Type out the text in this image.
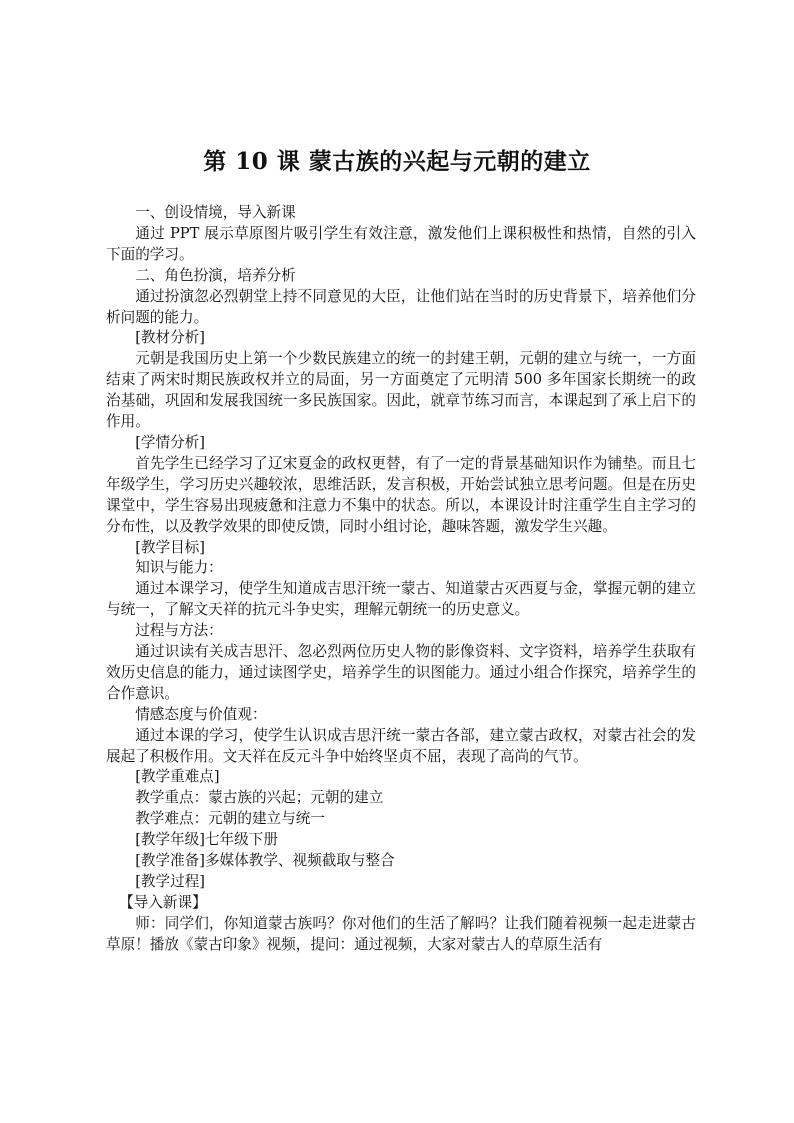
第 10 课 蒙古族的兴起与元朝的建立

一、创设情境，导入新课

通过 PPT 展示草原图片吸引学生有效注意，激发他们上课积极性和热情，自然的引入下面的学习。

二、角色扮演，培养分析

通过扮演忽必烈朝堂上持不同意见的大臣，让他们站在当时的历史背景下，培养他们分析问题的能力。

[教材分析]

元朝是我国历史上第一个少数民族建立的统一的封建王朝，元朝的建立与统一，一方面结束了两宋时期民族政权并立的局面，另一方面奠定了元明清 500 多年国家长期统一的政治基础，巩固和发展我国统一多民族国家。因此，就章节练习而言，本课起到了承上启下的作用。

[学情分析]

首先学生已经学习了辽宋夏金的政权更替，有了一定的背景基础知识作为铺垫。而且七年级学生，学习历史兴趣较浓，思维活跃，发言积极，开始尝试独立思考问题。但是在历史课堂中，学生容易出现疲惫和注意力不集中的状态。所以，本课设计时注重学生自主学习的分布性，以及教学效果的即使反馈，同时小组讨论，趣味答题，激发学生兴趣。

[教学目标]

知识与能力：

通过本课学习，使学生知道成吉思汗统一蒙古、知道蒙古灭西夏与金，掌握元朝的建立与统一，了解文天祥的抗元斗争史实，理解元朝统一的历史意义。

过程与方法：

通过识读有关成吉思汗、忽必烈两位历史人物的影像资料、文字资料，培养学生获取有效历史信息的能力，通过读图学史，培养学生的识图能力。通过小组合作探究，培养学生的合作意识。

情感态度与价值观：

通过本课的学习，使学生认识成吉思汗统一蒙古各部，建立蒙古政权，对蒙古社会的发展起了积极作用。文天祥在反元斗争中始终坚贞不屈，表现了高尚的气节。

[教学重难点]

教学重点：蒙古族的兴起；元朝的建立

教学难点：元朝的建立与统一

[教学年级]七年级下册

[教学准备]多媒体教学、视频截取与整合

[教学过程]

【导入新课】

师：同学们，你知道蒙古族吗？你对他们的生活了解吗？让我们随着视频一起走进蒙古草原！播放《蒙古印象》视频，提问：通过视频，大家对蒙古人的草原生活有
